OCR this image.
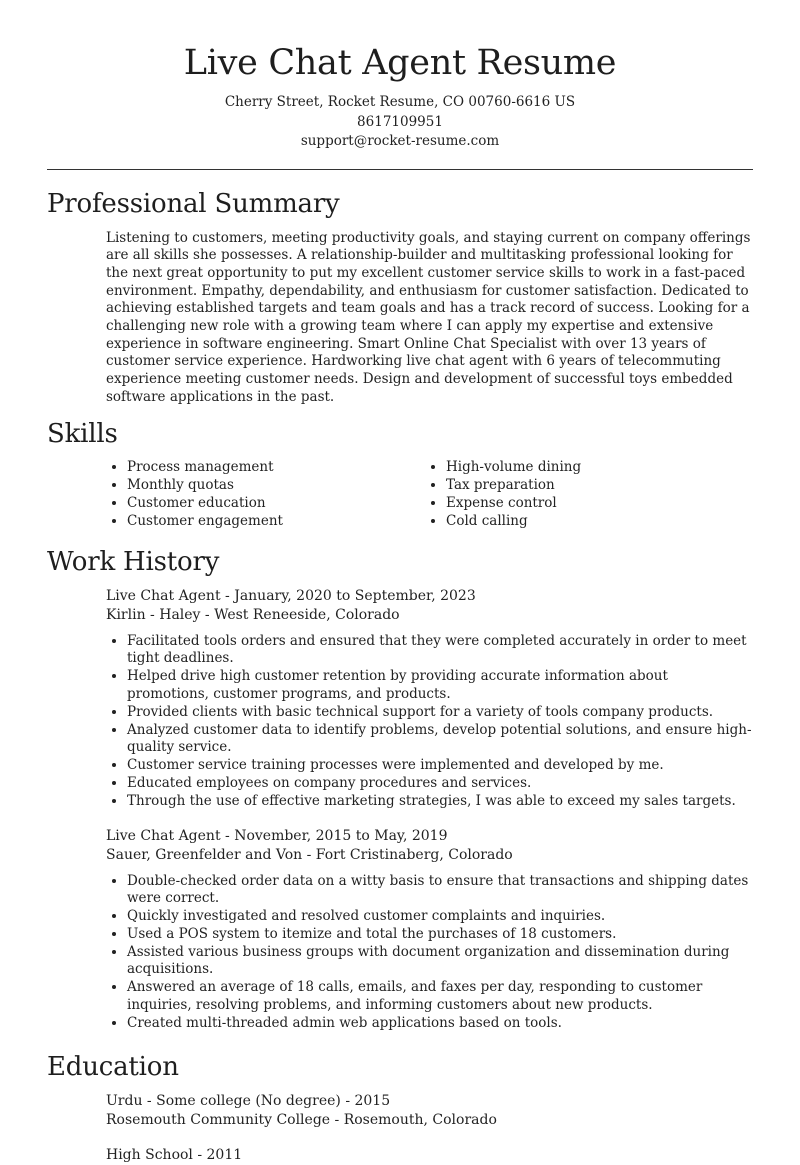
Live Chat Agent Resume
Cherry Street, Rocket Resume, CO 00760-6616 US
8617109951
support@rocket-resume.com
Professional Summary

Listening to customers, meeting productivity goals, and staying current on company offerings are all skills she possesses. A relationship-builder and multitasking professional looking for the next great opportunity to put my excellent customer service skills to work in a fast-paced environment. Empathy, dependability, and enthusiasm for customer satisfaction. Dedicated to achieving established targets and team goals and has a track record of success. Looking for a challenging new role with a growing team where I can apply my expertise and extensive experience in software engineering. Smart Online Chat Specialist with over 13 years of customer service experience. Hardworking live chat agent with 6 years of telecommuting experience meeting customer needs. Design and development of successful toys embedded software applications in the past.

Skills
• Process management
• Monthly quotas
• Customer education
• Customer engagement
• High-volume dining
• Tax preparation
• Expense control
• Cold calling
Work History
Live Chat Agent - January, 2020 to September, 2023
Kirlin - Haley - West Reneeside, Colorado
• Facilitated tools orders and ensured that they were completed accurately in order to meet tight deadlines.
• Helped drive high customer retention by providing accurate information about promotions, customer programs, and products.
• Provided clients with basic technical support for a variety of tools company products.
• Analyzed customer data to identify problems, develop potential solutions, and ensure high-quality service.
• Customer service training processes were implemented and developed by me.
• Educated employees on company procedures and services.
• Through the use of effective marketing strategies, I was able to exceed my sales targets.
Live Chat Agent - November, 2015 to May, 2019
Sauer, Greenfelder and Von - Fort Cristinaberg, Colorado
• Double-checked order data on a witty basis to ensure that transactions and shipping dates were correct.
• Quickly investigated and resolved customer complaints and inquiries.
• Used a POS system to itemize and total the purchases of 18 customers.
• Assisted various business groups with document organization and dissemination during acquisitions.
• Answered an average of 18 calls, emails, and faxes per day, responding to customer inquiries, resolving problems, and informing customers about new products.
• Created multi-threaded admin web applications based on tools.
Education
Urdu - Some college (No degree) - 2015
Rosemouth Community College - Rosemouth, Colorado
High School - 2011
